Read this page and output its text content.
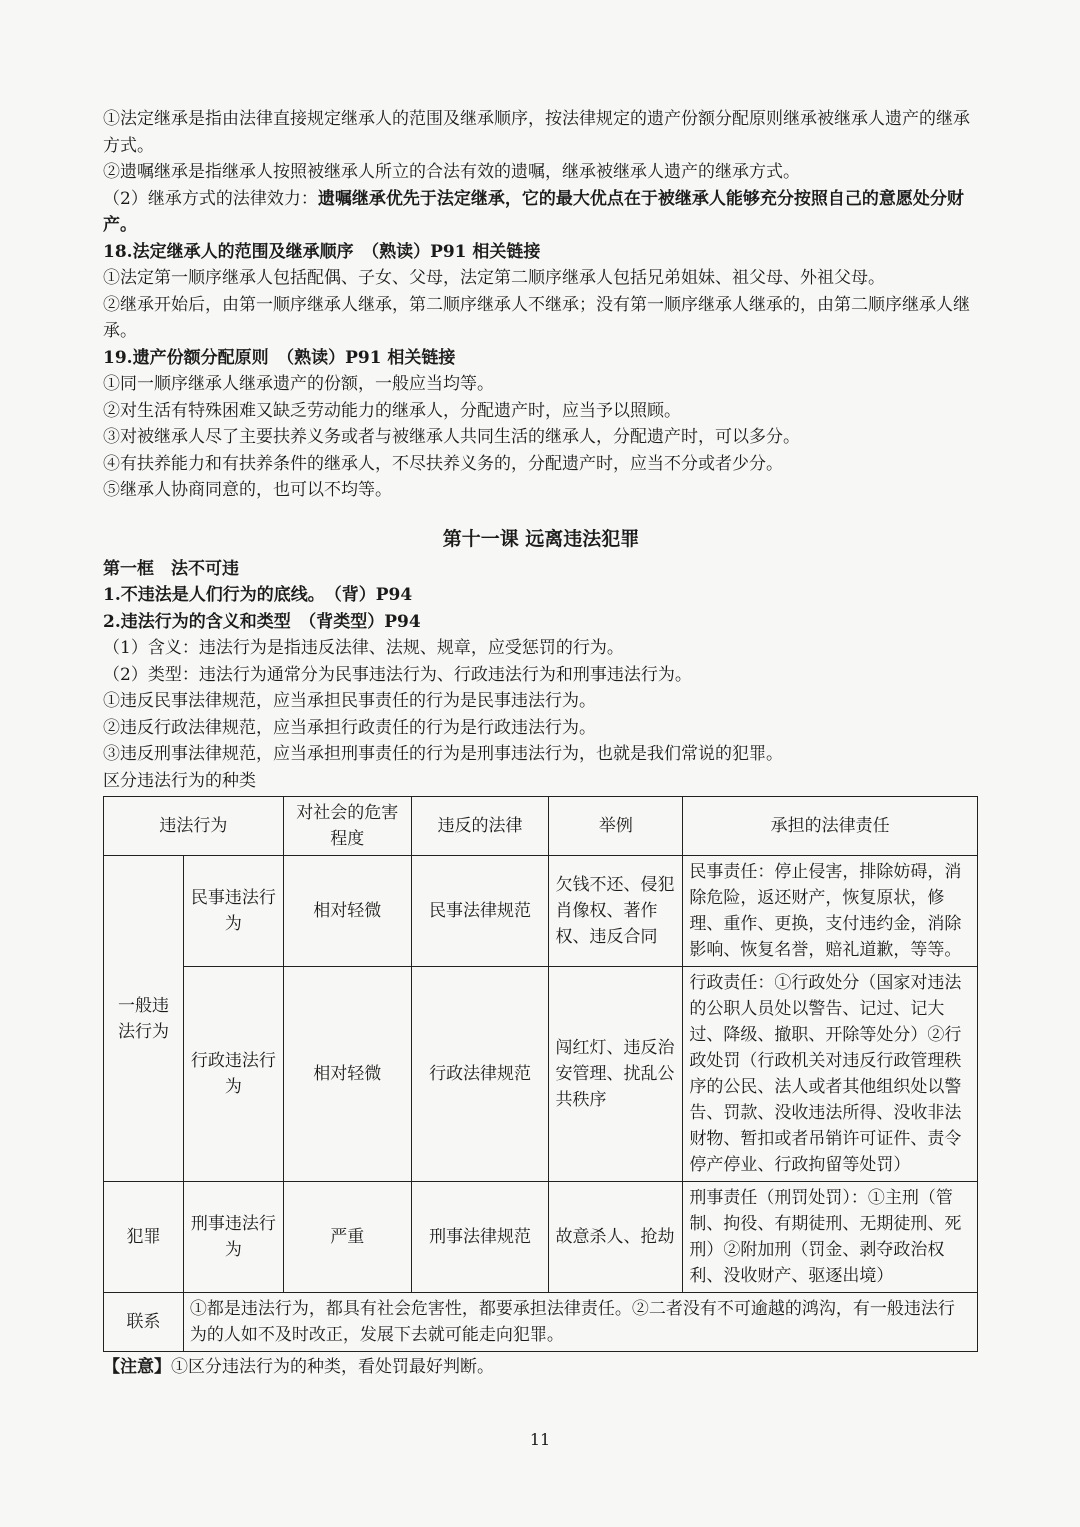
①法定继承是指由法律直接规定继承人的范围及继承顺序，按法律规定的遗产份额分配原则继承被继承人遗产的继承方式。
②遗嘱继承是指继承人按照被继承人所立的合法有效的遗嘱，继承被继承人遗产的继承方式。
（2）继承方式的法律效力：遗嘱继承优先于法定继承，它的最大优点在于被继承人能够充分按照自己的意愿处分财产。
18.法定继承人的范围及继承顺序　（熟读）P91 相关链接
①法定第一顺序继承人包括配偶、子女、父母，法定第二顺序继承人包括兄弟姐妹、祖父母、外祖父母。
②继承开始后，由第一顺序继承人继承，第二顺序继承人不继承；没有第一顺序继承人继承的，由第二顺序继承人继承。
19.遗产份额分配原则　（熟读）P91 相关链接
①同一顺序继承人继承遗产的份额，一般应当均等。
②对生活有特殊困难又缺乏劳动能力的继承人，分配遗产时，应当予以照顾。
③对被继承人尽了主要扶养义务或者与被继承人共同生活的继承人，分配遗产时，可以多分。
④有扶养能力和有扶养条件的继承人，不尽扶养义务的，分配遗产时，应当不分或者少分。
⑤继承人协商同意的，也可以不均等。
第十一课 远离违法犯罪
第一框　法不可违
1.不违法是人们行为的底线。　（背）P94
2.违法行为的含义和类型　（背类型）P94
（1）含义：违法行为是指违反法律、法规、规章，应受惩罚的行为。
（2）类型：违法行为通常分为民事违法行为、行政违法行为和刑事违法行为。
①违反民事法律规范，应当承担民事责任的行为是民事违法行为。
②违反行政法律规范，应当承担行政责任的行为是行政违法行为。
③违反刑事法律规范，应当承担刑事责任的行为是刑事违法行为，也就是我们常说的犯罪。
区分违法行为的种类
违法行为		对社会的危害程度	违反的法律	举例	承担的法律责任
一般违法行为	民事违法行为	相对轻微	民事法律规范	欠钱不还、侵犯肖像权、著作权、违反合同	民事责任：停止侵害，排除妨碍，消除危险，返还财产，恢复原状，修理、重作、更换，支付违约金，消除影响、恢复名誉，赔礼道歉，等等。
	行政违法行为	相对轻微	行政法律规范	闯红灯、违反治安管理、扰乱公共秩序	行政责任：①行政处分（国家对违法的公职人员处以警告、记过、记大过、降级、撤职、开除等处分）②行政处罚（行政机关对违反行政管理秩序的公民、法人或者其他组织处以警告、罚款、没收违法所得、没收非法财物、暂扣或者吊销许可证件、责令停产停业、行政拘留等处罚）
犯罪	刑事违法行为	严重	刑事法律规范	故意杀人、抢劫	刑事责任（刑罚处罚）：①主刑（管制、拘役、有期徒刑、无期徒刑、死刑）②附加刑（罚金、剥夺政治权利、没收财产、驱逐出境）
联系	①都是违法行为，都具有社会危害性，都要承担法律责任。②二者没有不可逾越的鸿沟，有一般违法行为的人如不及时改正，发展下去就可能走向犯罪。				
【注意】①区分违法行为的种类，看处罚最好判断。
11
